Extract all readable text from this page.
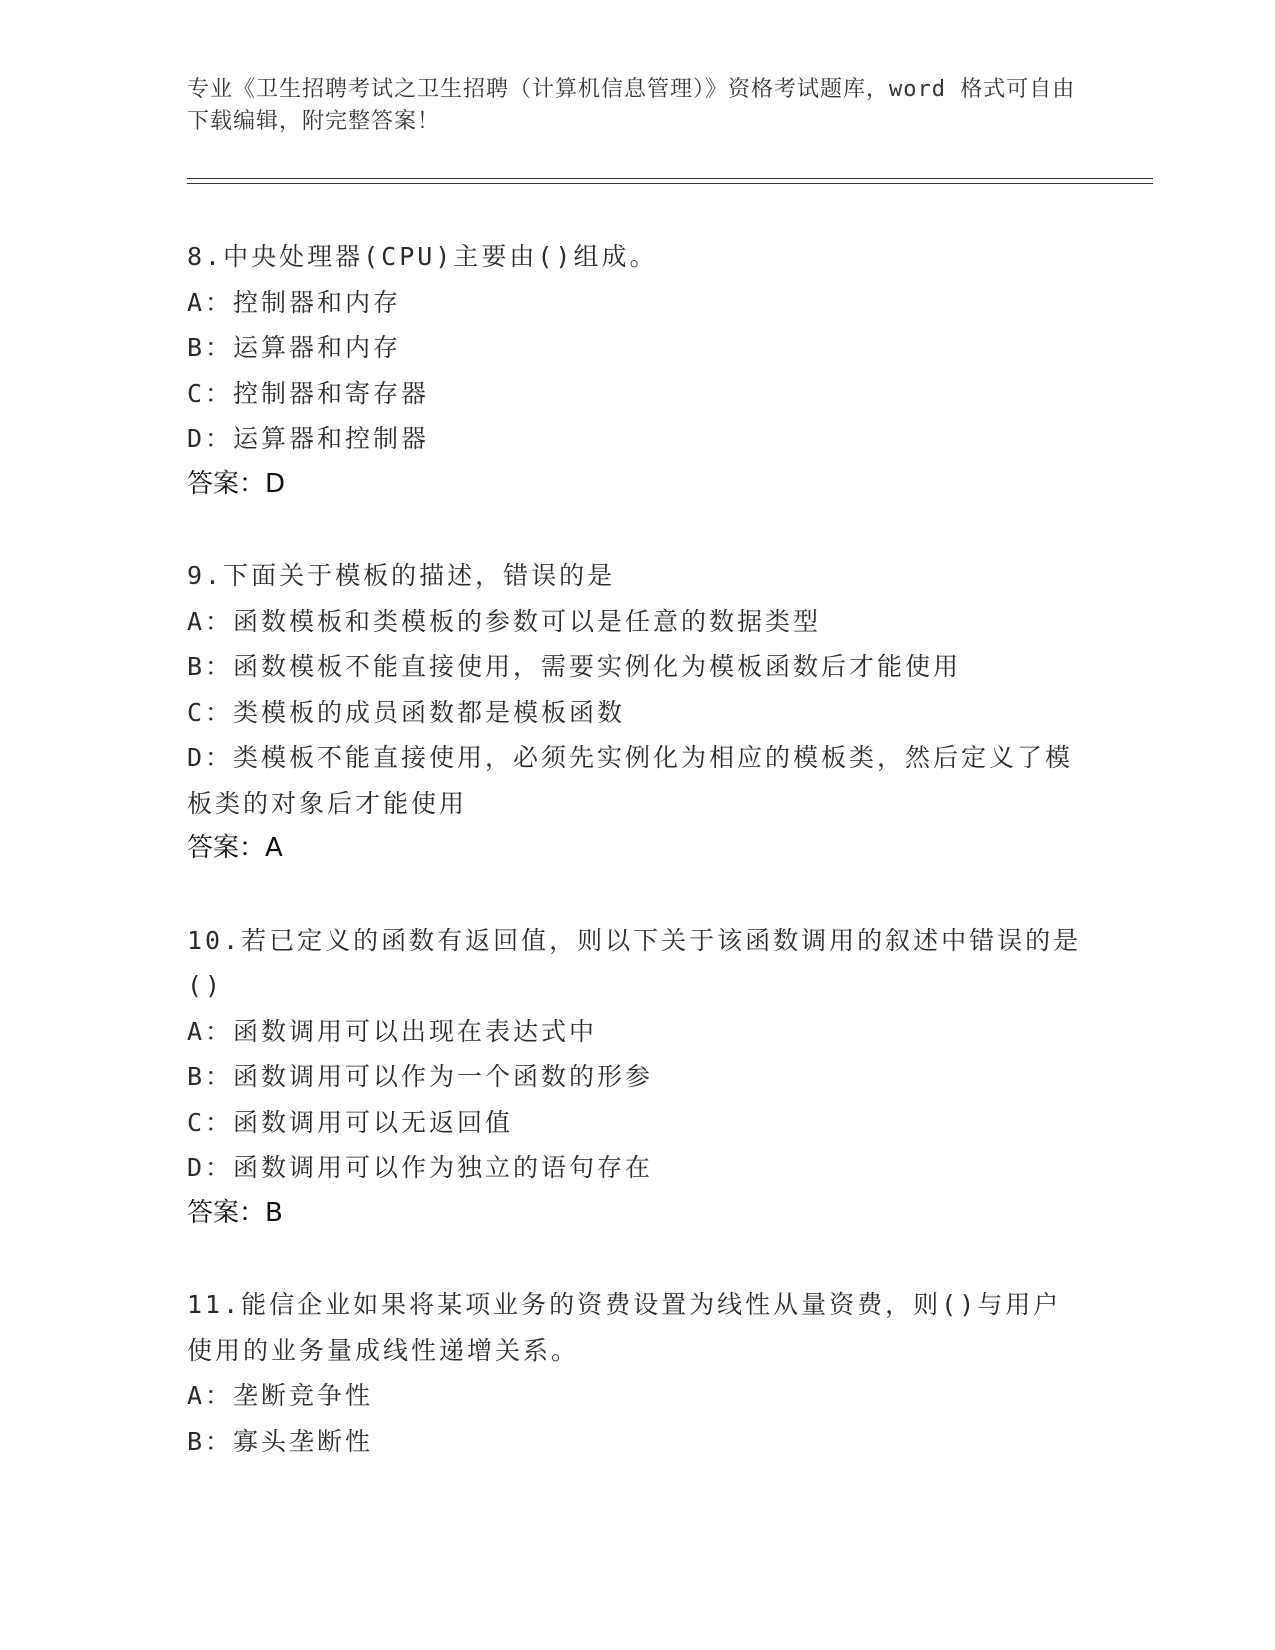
专业《卫生招聘考试之卫生招聘（计算机信息管理）》资格考试题库，word 格式可自由下载编辑，附完整答案！

8.中央处理器(CPU)主要由()组成。

A：控制器和内存

B：运算器和内存

C：控制器和寄存器

D：运算器和控制器

答案：D

9.下面关于模板的描述，错误的是

A：函数模板和类模板的参数可以是任意的数据类型

B：函数模板不能直接使用，需要实例化为模板函数后才能使用

C：类模板的成员函数都是模板函数

D：类模板不能直接使用，必须先实例化为相应的模板类，然后定义了模板类的对象后才能使用

答案：A

10.若已定义的函数有返回值，则以下关于该函数调用的叙述中错误的是()

A：函数调用可以出现在表达式中

B：函数调用可以作为一个函数的形参

C：函数调用可以无返回值

D：函数调用可以作为独立的语句存在

答案：B

11.能信企业如果将某项业务的资费设置为线性从量资费，则()与用户使用的业务量成线性递增关系。

A：垄断竞争性

B：寡头垄断性
